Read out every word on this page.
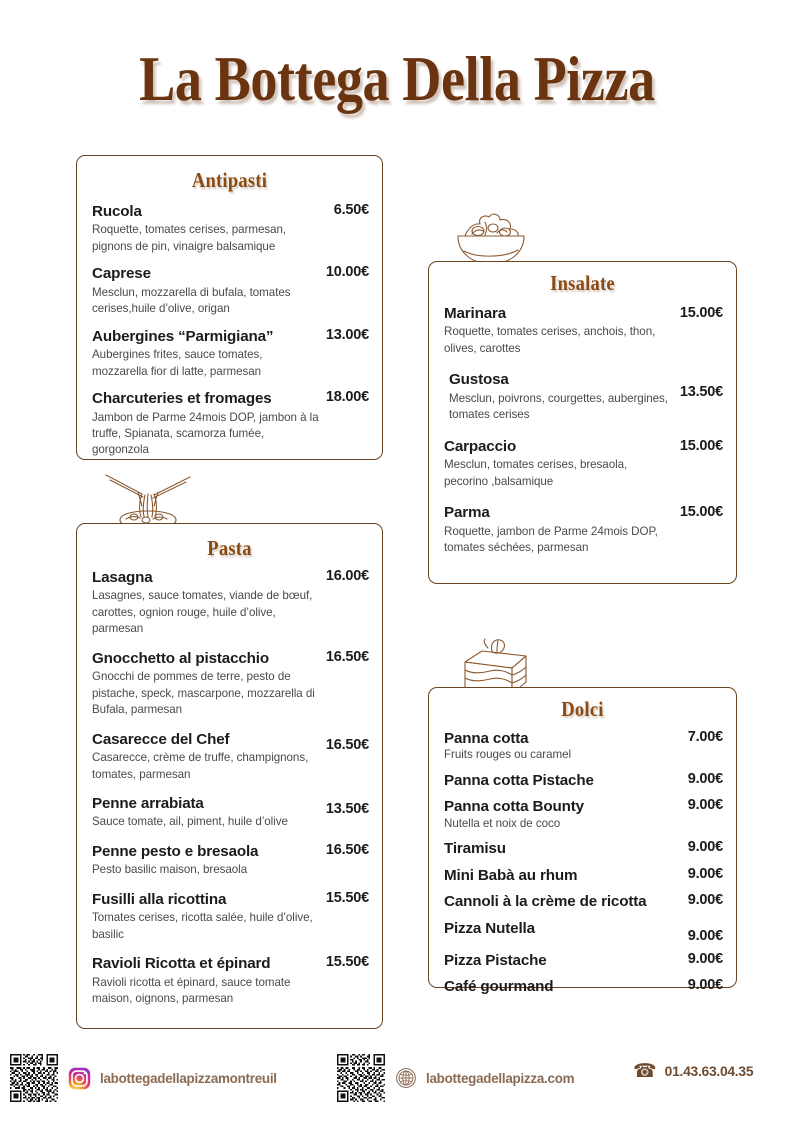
La Bottega Della Pizza
Antipasti
Rucola
Roquette, tomates cerises, parmesan, pignons de pin, vinaigre balsamique
6.50€
Caprese
Mesclun, mozzarella di bufala, tomates cerises,huile d’olive, origan
10.00€
Aubergines “Parmigiana”
Aubergines frites, sauce tomates, mozzarella fior di latte, parmesan
13.00€
Charcuteries et fromages
Jambon de Parme 24mois DOP, jambon à la truffe, Spianata, scamorza fumée, gorgonzola
18.00€
Insalate
Marinara
Roquette, tomates cerises, anchois, thon, olives, carottes
15.00€
Gustosa
Mesclun, poivrons, courgettes, aubergines, tomates cerises
13.50€
Carpaccio
Mesclun, tomates cerises, bresaola, pecorino ,balsamique
15.00€
Parma
Roquette, jambon de Parme 24mois DOP, tomates séchées, parmesan
15.00€
Pasta
Lasagna
Lasagnes, sauce tomates, viande de bœuf, carottes, ognion rouge, huile d’olive, parmesan
16.00€
Gnocchetto al pistacchio
Gnocchi de pommes de terre, pesto de pistache, speck, mascarpone, mozzarella di Bufala, parmesan
16.50€
Casarecce del Chef
Casarecce, crème de truffe, champignons, tomates, parmesan
16.50€
Penne arrabiata
Sauce tomate, ail, piment, huile d’olive
13.50€
Penne pesto e bresaola
Pesto basilic maison, bresaola
16.50€
Fusilli alla ricottina
Tomates cerises, ricotta salée, huile d’olive, basilic
15.50€
Ravioli Ricotta et épinard
Ravioli ricotta et épinard, sauce tomate maison, oignons, parmesan
15.50€
Dolci
Panna cotta
Fruits rouges ou caramel
7.00€
Panna cotta Pistache	9.00€
Panna cotta Bounty
Nutella et noix de coco
9.00€
Tiramisu	9.00€
Mini Babà au rhum	9.00€
Cannoli à la crème de ricotta	9.00€
Pizza Nutella	9.00€
Pizza Pistache	9.00€
Café gourmand	9.00€
labottegadellapizzamontreuil	labottegadellapizza.com	☎ 01.43.63.04.35
